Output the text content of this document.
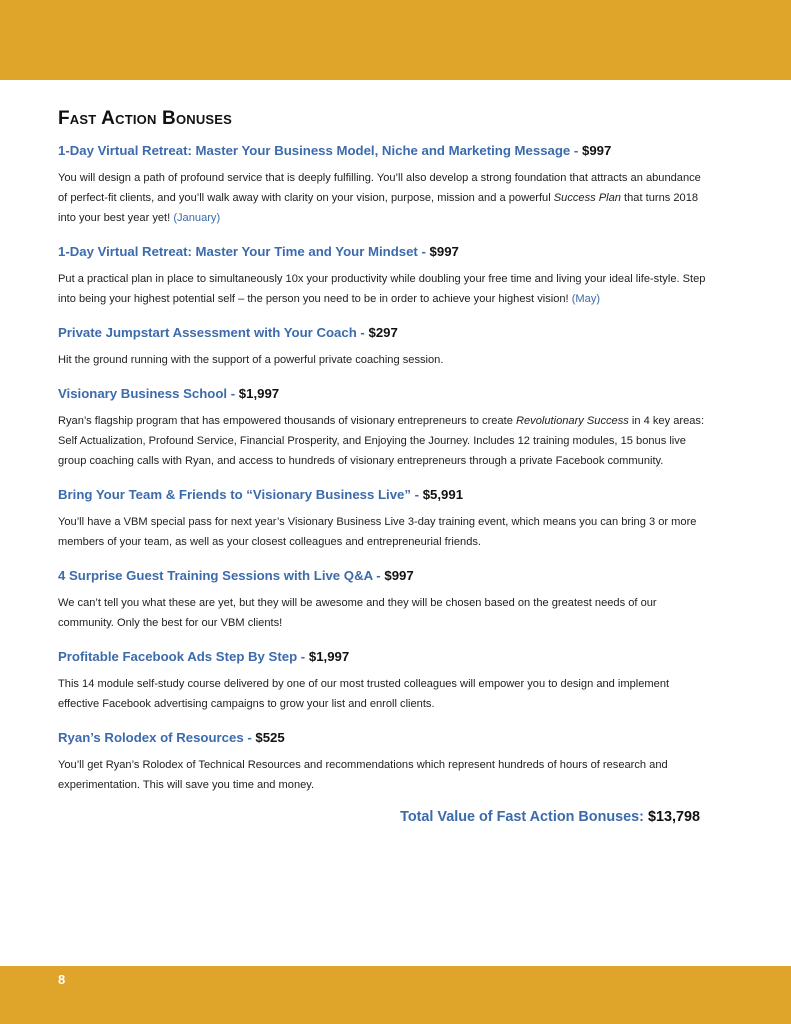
Fast Action Bonuses
1-Day Virtual Retreat: Master Your Business Model, Niche and Marketing Message - $997

You will design a path of profound service that is deeply fulfilling. You’ll also develop a strong foundation that attracts an abundance of perfect-fit clients, and you’ll walk away with clarity on your vision, purpose, mission and a powerful Success Plan that turns 2018 into your best year yet! (January)

1-Day Virtual Retreat: Master Your Time and Your Mindset - $997

Put a practical plan in place to simultaneously 10x your productivity while doubling your free time and living your ideal life-style. Step into being your highest potential self – the person you need to be in order to achieve your highest vision! (May)

Private Jumpstart Assessment with Your Coach - $297

Hit the ground running with the support of a powerful private coaching session.

Visionary Business School - $1,997

Ryan’s flagship program that has empowered thousands of visionary entrepreneurs to create Revolutionary Success in 4 key areas: Self Actualization, Profound Service, Financial Prosperity, and Enjoying the Journey. Includes 12 training modules, 15 bonus live group coaching calls with Ryan, and access to hundreds of visionary entrepreneurs through a private Facebook community.

Bring Your Team & Friends to “Visionary Business Live” - $5,991

You’ll have a VBM special pass for next year’s Visionary Business Live 3-day training event, which means you can bring 3 or more members of your team, as well as your closest colleagues and entrepreneurial friends.

4 Surprise Guest Training Sessions with Live Q&A - $997

We can’t tell you what these are yet, but they will be awesome and they will be chosen based on the greatest needs of our community. Only the best for our VBM clients!

Profitable Facebook Ads Step By Step - $1,997

This 14 module self-study course delivered by one of our most trusted colleagues will empower you to design and implement effective Facebook advertising campaigns to grow your list and enroll clients.

Ryan’s Rolodex of Resources - $525

You’ll get Ryan’s Rolodex of Technical Resources and recommendations which represent hundreds of hours of research and experimentation. This will save you time and money.

Total Value of Fast Action Bonuses: $13,798
8
